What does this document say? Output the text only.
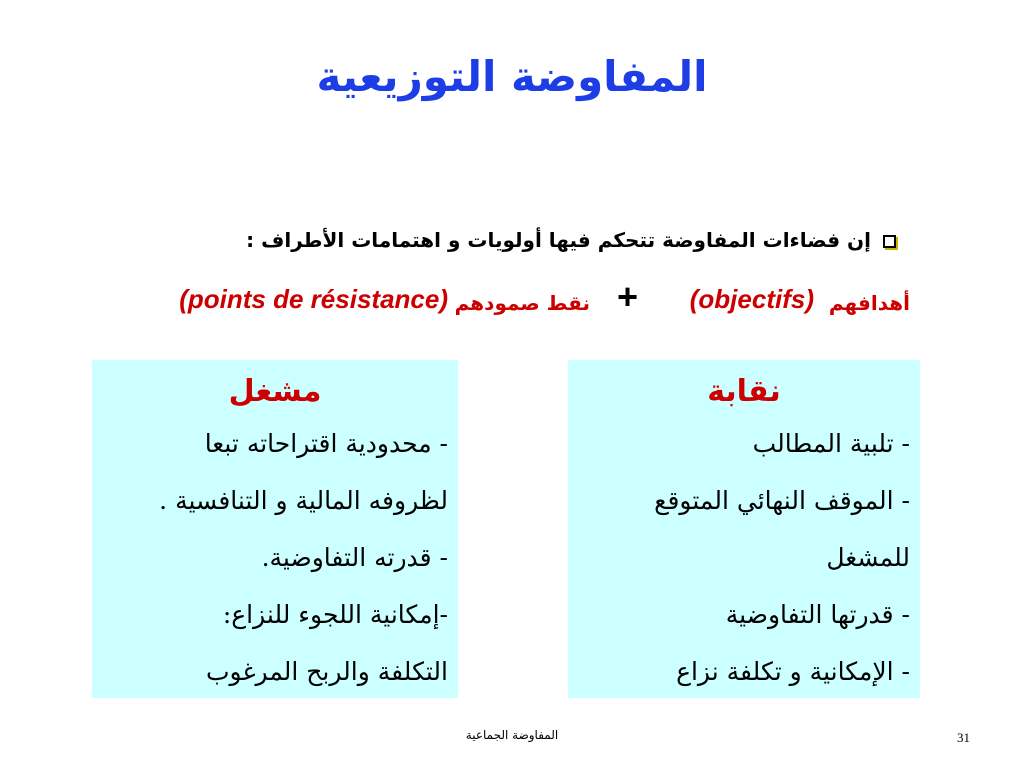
المفاوضة التوزيعية
إن فضاءات المفاوضة تتحكم فيها أولويات و اهتمامات الأطراف :
أهدافهم
(objectifs)
+
نقط صمودهم
(points de résistance)
نقابة
- تلبية المطالب
- الموقف النهائي المتوقع
للمشغل
- قدرتها التفاوضية
- الإمكانية و تكلفة نزاع
مشغل
- محدودية اقتراحاته تبعا
لظروفه المالية و التنافسية .
- قدرته التفاوضية.
-إمكانية اللجوء للنزاع:
التكلفة والربح المرغوب
المفاوضة الجماعية	31
